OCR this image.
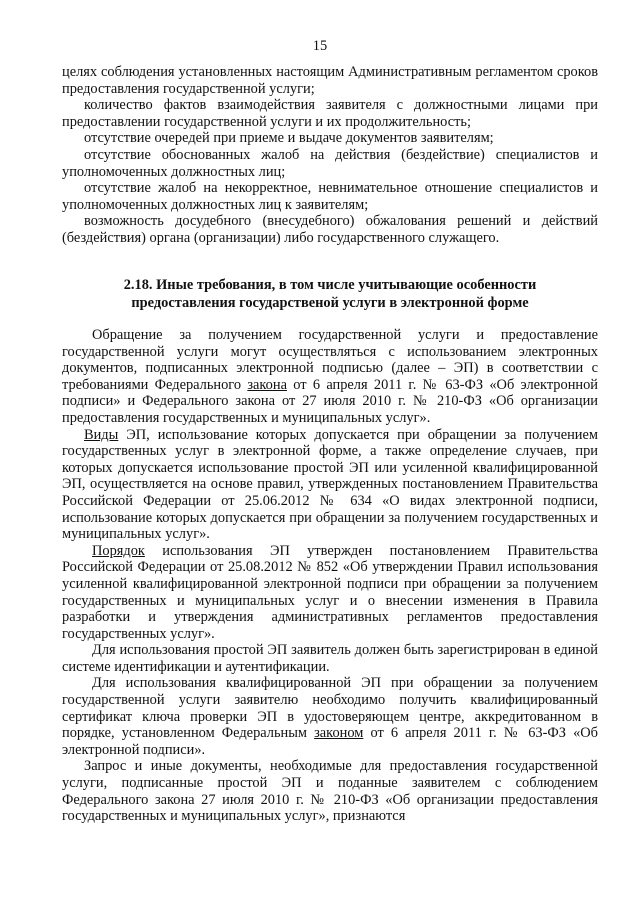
15

целях соблюдения установленных настоящим Административным регламентом сроков предоставления государственной услуги;

количество фактов взаимодействия заявителя с должностными лицами при предоставлении государственной услуги и их продолжительность;

отсутствие очередей при приеме и выдаче документов заявителям;

отсутствие обоснованных жалоб на действия (бездействие) специалистов и уполномоченных должностных лиц;

отсутствие жалоб на некорректное, невнимательное отношение специалистов и уполномоченных должностных лиц к заявителям;

возможность досудебного (внесудебного) обжалования решений и действий (бездействия) органа (организации) либо государственного служащего.

2.18. Иные требования, в том числе учитывающие особенности
предоставления государственой услуги в электронной форме

Обращение за получением государственной услуги и предоставление государственной услуги могут осуществляться с использованием электронных документов, подписанных электронной подписью (далее – ЭП) в соответствии с требованиями Федерального закона от 6 апреля 2011 г. № 63-ФЗ «Об электронной подписи» и Федерального закона от 27 июля 2010 г. № 210-ФЗ «Об организации предоставления государственных и муниципальных услуг».

Виды ЭП, использование которых допускается при обращении за получением государственных услуг в электронной форме, а также определение случаев, при которых допускается использование простой ЭП или усиленной квалифицированной ЭП, осуществляется на основе правил, утвержденных постановлением Правительства Российской Федерации от 25.06.2012 № 634 «О видах электронной подписи, использование которых допускается при обращении за получением государственных и муниципальных услуг».

Порядок использования ЭП утвержден постановлением Правительства Российской Федерации от 25.08.2012 № 852 «Об утверждении Правил использования усиленной квалифицированной электронной подписи при обращении за получением государственных и муниципальных услуг и о внесении изменения в Правила разработки и утверждения административных регламентов предоставления государственных услуг».

Для использования простой ЭП заявитель должен быть зарегистрирован в единой системе идентификации и аутентификации.

Для использования квалифицированной ЭП при обращении за получением государственной услуги заявителю необходимо получить квалифицированный сертификат ключа проверки ЭП в удостоверяющем центре, аккредитованном в порядке, установленном Федеральным законом от 6 апреля 2011 г. № 63-ФЗ «Об электронной подписи».

Запрос и иные документы, необходимые для предоставления государственной услуги, подписанные простой ЭП и поданные заявителем с соблюдением Федерального закона 27 июля 2010 г. № 210-ФЗ «Об организации предоставления государственных и муниципальных услуг», признаются
